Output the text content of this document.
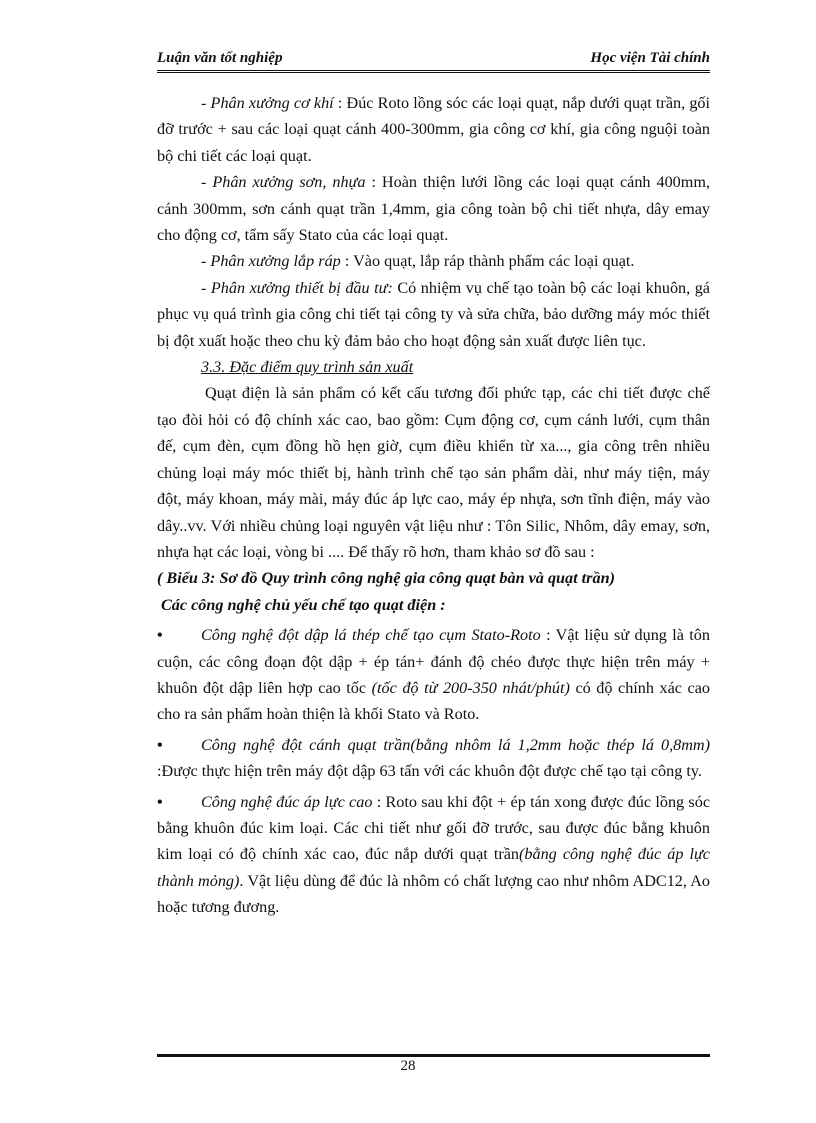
Luận văn tốt nghiệp	Học viện Tài chính

- Phân xưởng cơ khí : Đúc Roto lồng sóc các loại quạt, nắp dưới quạt trần, gối đỡ trước + sau các loại quạt cánh 400-300mm, gia công cơ khí, gia công nguội toàn bộ chi tiết các loại quạt.

- Phân xưởng sơn, nhựa : Hoàn thiện lưới lồng các loại quạt cánh 400mm, cánh 300mm, sơn cánh quạt trần 1,4mm, gia công toàn bộ chi tiết nhựa, dây emay cho động cơ, tẩm sấy Stato của các loại quạt.

- Phân xưởng lắp ráp : Vào quạt, lắp ráp thành phẩm các loại quạt.

- Phân xưởng thiết bị đầu tư: Có nhiệm vụ chế tạo toàn bộ các loại khuôn, gá phục vụ quá trình gia công chi tiết tại công ty và sửa chữa, bảo dưỡng máy móc thiết bị đột xuất hoặc theo chu kỳ đảm bảo cho hoạt động sản xuất được liên tục.

3.3. Đặc điểm quy trình sản xuất

Quạt điện là sản phẩm có kết cấu tương đối phức tạp, các chi tiết được chế tạo đòi hỏi có độ chính xác cao, bao gồm: Cụm động cơ, cụm cánh lưới, cụm thân đế, cụm đèn, cụm đồng hồ hẹn giờ, cụm điều khiển từ xa..., gia công trên nhiều chủng loại máy móc thiết bị, hành trình chế tạo sản phẩm dài, như máy tiện, máy đột, máy khoan, máy mài, máy đúc áp lực cao, máy ép nhựa, sơn tĩnh điện, máy vào dây..vv. Với nhiều chủng loại nguyên vật liệu như : Tôn Silic, Nhôm, dây emay, sơn, nhựa hạt các loại, vòng bi .... Để thấy rõ hơn, tham khảo sơ đồ sau :

( Biểu 3: Sơ đồ Quy trình công nghệ gia công quạt bàn và quạt trần)

Các công nghệ chủ yếu chế tạo quạt điện :

• Công nghệ đột dập lá thép chế tạo cụm Stato-Roto : Vật liệu sử dụng là tôn cuộn, các công đoạn đột dập + ép tán+ đánh độ chéo được thực hiện trên máy + khuôn đột dập liên hợp cao tốc (tốc độ từ 200-350 nhát/phút) có độ chính xác cao cho ra sản phẩm hoàn thiện là khối Stato và Roto.

• Công nghệ đột cánh quạt trần(bằng nhôm lá 1,2mm hoặc thép lá 0,8mm) :Được thực hiện trên máy đột dập 63 tấn với các khuôn đột được chế tạo tại công ty.

• Công nghệ đúc áp lực cao : Roto sau khi đột + ép tán xong được đúc lồng sóc bằng khuôn đúc kim loại. Các chi tiết như gối đỡ trước, sau được đúc bằng khuôn kim loại có độ chính xác cao, đúc nắp dưới quạt trần(bằng công nghệ đúc áp lực thành mỏng). Vật liệu dùng để đúc là nhôm có chất lượng cao như nhôm ADC12, Ao hoặc tương đương.

28
